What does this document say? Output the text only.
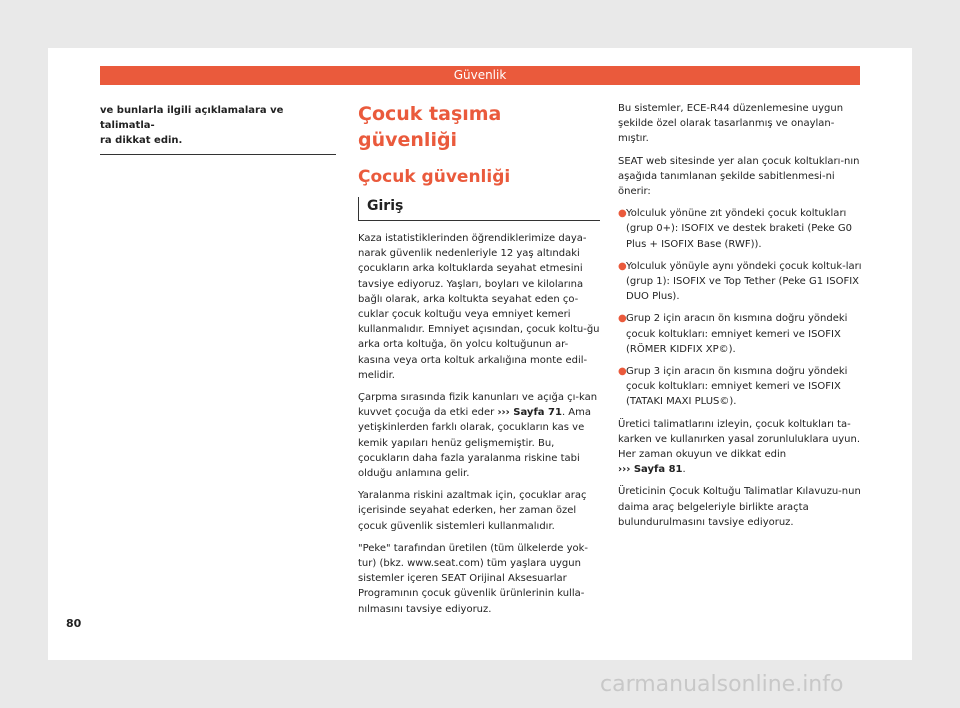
Güvenlik

ve bunlarla ilgili açıklamalara ve talimatla-
ra dikkat edin.

Çocuk taşıma güvenliği
Çocuk güvenliği
Giriş

Kaza istatistiklerinden öğrendiklerimize daya-narak güvenlik nedenleriyle 12 yaş altındaki çocukların arka koltuklarda seyahat etmesini tavsiye ediyoruz. Yaşları, boyları ve kilolarına bağlı olarak, arka koltukta seyahat eden ço-cuklar çocuk koltuğu veya emniyet kemeri kullanmalıdır. Emniyet açısından, çocuk koltu-ğu arka orta koltuğa, ön yolcu koltuğunun ar-kasına veya orta koltuk arkalığına monte edil-melidir.

Çarpma sırasında fizik kanunları ve açığa çı-kan kuvvet çocuğa da etki eder ››› Sayfa 71. Ama yetişkinlerden farklı olarak, çocukların kas ve kemik yapıları henüz gelişmemiştir. Bu, çocukların daha fazla yaralanma riskine tabi olduğu anlamına gelir.

Yaralanma riskini azaltmak için, çocuklar araç içerisinde seyahat ederken, her zaman özel çocuk güvenlik sistemleri kullanmalıdır.

"Peke" tarafından üretilen (tüm ülkelerde yok-tur) (bkz. www.seat.com) tüm yaşlara uygun sistemler içeren SEAT Orijinal Aksesuarlar Programının çocuk güvenlik ürünlerinin kulla-nılmasını tavsiye ediyoruz.

Bu sistemler, ECE-R44 düzenlemesine uygun şekilde özel olarak tasarlanmış ve onaylan-mıştır.

SEAT web sitesinde yer alan çocuk koltukları-nın aşağıda tanımlanan şekilde sabitlenmesi-ni önerir:

● Yolculuk yönüne zıt yöndeki çocuk koltukları (grup 0+): ISOFIX ve destek braketi (Peke G0 Plus + ISOFIX Base (RWF)).

● Yolculuk yönüyle aynı yöndeki çocuk koltuk-ları (grup 1): ISOFIX ve Top Tether (Peke G1 ISOFIX DUO Plus).

● Grup 2 için aracın ön kısmına doğru yöndeki çocuk koltukları: emniyet kemeri ve ISOFIX (RÖMER KIDFIX XP©).

● Grup 3 için aracın ön kısmına doğru yöndeki çocuk koltukları: emniyet kemeri ve ISOFIX (TATAKI MAXI PLUS©).

Üretici talimatlarını izleyin, çocuk koltukları ta-karken ve kullanırken yasal zorunluluklara uyun. Her zaman okuyun ve dikkat edin
››› Sayfa 81.

Üreticinin Çocuk Koltuğu Talimatlar Kılavuzu-nun daima araç belgeleriyle birlikte araçta bulundurulmasını tavsiye ediyoruz.

80
carmanualsonline.info
